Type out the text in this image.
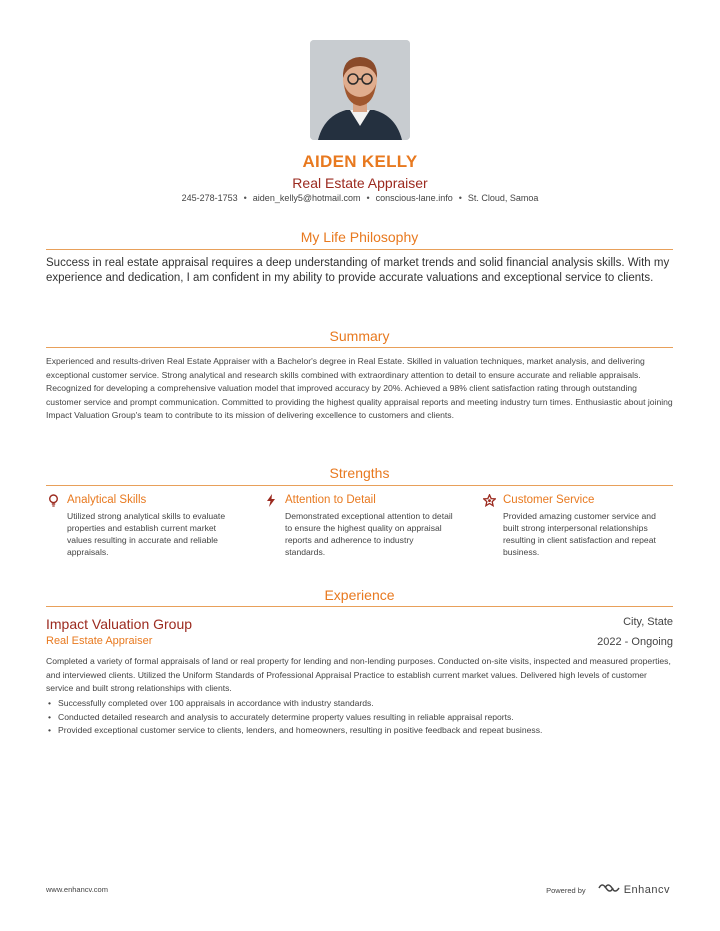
AIDEN KELLY
Real Estate Appraiser
245-278-1753 • aiden_kelly5@hotmail.com • conscious-lane.info • St. Cloud, Samoa
My Life Philosophy
Success in real estate appraisal requires a deep understanding of market trends and solid financial analysis skills. With my experience and dedication, I am confident in my ability to provide accurate valuations and exceptional service to clients.
Summary
Experienced and results-driven Real Estate Appraiser with a Bachelor's degree in Real Estate. Skilled in valuation techniques, market analysis, and delivering exceptional customer service. Strong analytical and research skills combined with extraordinary attention to detail to ensure accurate and reliable appraisals. Recognized for developing a comprehensive valuation model that improved accuracy by 20%. Achieved a 98% client satisfaction rating through outstanding customer service and prompt communication. Committed to providing the highest quality appraisal reports and meeting industry turn times. Enthusiastic about joining Impact Valuation Group's team to contribute to its mission of delivering excellence to customers and clients.
Strengths
Analytical Skills
Utilized strong analytical skills to evaluate properties and establish current market values resulting in accurate and reliable appraisals.
Attention to Detail
Demonstrated exceptional attention to detail to ensure the highest quality on appraisal reports and adherence to industry standards.
Customer Service
Provided amazing customer service and built strong interpersonal relationships resulting in client satisfaction and repeat business.
Experience
Impact Valuation Group	City, State
Real Estate Appraiser	2022 - Ongoing
Completed a variety of formal appraisals of land or real property for lending and non-lending purposes. Conducted on-site visits, inspected and measured properties, and interviewed clients. Utilized the Uniform Standards of Professional Appraisal Practice to establish current market values. Delivered high levels of customer service and built strong relationships with clients.
• Successfully completed over 100 appraisals in accordance with industry standards.
• Conducted detailed research and analysis to accurately determine property values resulting in reliable appraisal reports.
• Provided exceptional customer service to clients, lenders, and homeowners, resulting in positive feedback and repeat business.
www.enhancv.com	Powered by	Enhancv
